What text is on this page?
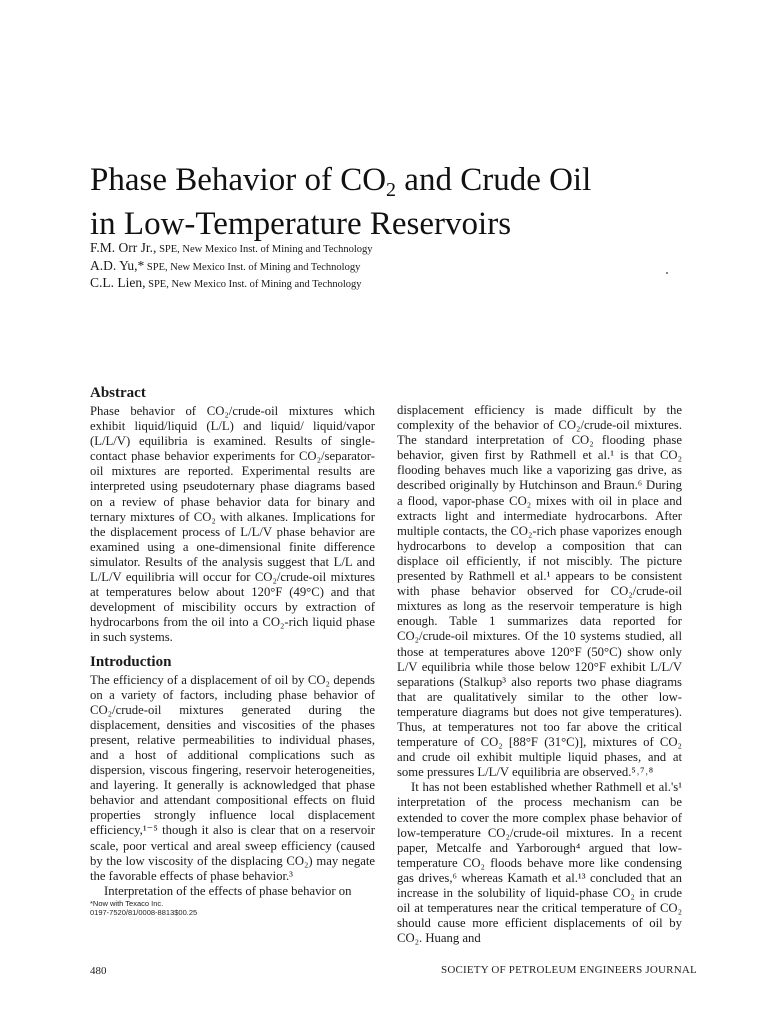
Phase Behavior of $CO_2$ and Crude Oil
in Low-Temperature Reservoirs

F.M. Orr Jr., SPE, New Mexico Inst. of Mining and Technology

A.D. Yu,* SPE, New Mexico Inst. of Mining and Technology

C.L. Lien, SPE, New Mexico Inst. of Mining and Technology

Abstract

Phase behavior of CO₂/crude-oil mixtures which exhibit liquid/liquid (L/L) and liquid/ liquid/vapor (L/L/V) equilibria is examined. Results of single-contact phase behavior experiments for CO₂/separator-oil mixtures are reported. Experimental results are interpreted using pseudoternary phase diagrams based on a review of phase behavior data for binary and ternary mixtures of CO₂ with alkanes. Implications for the displacement process of L/L/V phase behavior are examined using a one-dimensional finite difference simulator. Results of the analysis suggest that L/L and L/L/V equilibria will occur for CO₂/crude-oil mixtures at temperatures below about 120°F (49°C) and that development of miscibility occurs by extraction of hydrocarbons from the oil into a CO₂-rich liquid phase in such systems.

Introduction

The efficiency of a displacement of oil by CO₂ depends on a variety of factors, including phase behavior of CO₂/crude-oil mixtures generated during the displacement, densities and viscosities of the phases present, relative permeabilities to individual phases, and a host of additional complications such as dispersion, viscous fingering, reservoir heterogeneities, and layering. It generally is acknowledged that phase behavior and attendant compositional effects on fluid properties strongly influence local displacement efficiency,¹⁻⁵ though it also is clear that on a reservoir scale, poor vertical and areal sweep efficiency (caused by the low viscosity of the displacing CO₂) may negate the favorable effects of phase behavior.³

Interpretation of the effects of phase behavior on

*Now with Texaco Inc.

0197-7520/81/0008-8813$00.25

displacement efficiency is made difficult by the complexity of the behavior of CO₂/crude-oil mixtures. The standard interpretation of CO₂ flooding phase behavior, given first by Rathmell et al.¹ is that CO₂ flooding behaves much like a vaporizing gas drive, as described originally by Hutchinson and Braun.⁶ During a flood, vapor-phase CO₂ mixes with oil in place and extracts light and intermediate hydrocarbons. After multiple contacts, the CO₂-rich phase vaporizes enough hydrocarbons to develop a composition that can displace oil efficiently, if not miscibly. The picture presented by Rathmell et al.¹ appears to be consistent with phase behavior observed for CO₂/crude-oil mixtures as long as the reservoir temperature is high enough. Table 1 summarizes data reported for CO₂/crude-oil mixtures. Of the 10 systems studied, all those at temperatures above 120°F (50°C) show only L/V equilibria while those below 120°F exhibit L/L/V separations (Stalkup³ also reports two phase diagrams that are qualitatively similar to the other low-temperature diagrams but does not give temperatures). Thus, at temperatures not too far above the critical temperature of CO₂ [88°F (31°C)], mixtures of CO₂ and crude oil exhibit multiple liquid phases, and at some pressures L/L/V equilibria are observed.⁵˒⁷˒⁸

It has not been established whether Rathmell et al.'s¹ interpretation of the process mechanism can be extended to cover the more complex phase behavior of low-temperature CO₂/crude-oil mixtures. In a recent paper, Metcalfe and Yarborough⁴ argued that low-temperature CO₂ floods behave more like condensing gas drives,⁶ whereas Kamath et al.¹³ concluded that an increase in the solubility of liquid-phase CO₂ in crude oil at temperatures near the critical temperature of CO₂ should cause more efficient displacements of oil by CO₂. Huang and

480	SOCIETY OF PETROLEUM ENGINEERS JOURNAL
